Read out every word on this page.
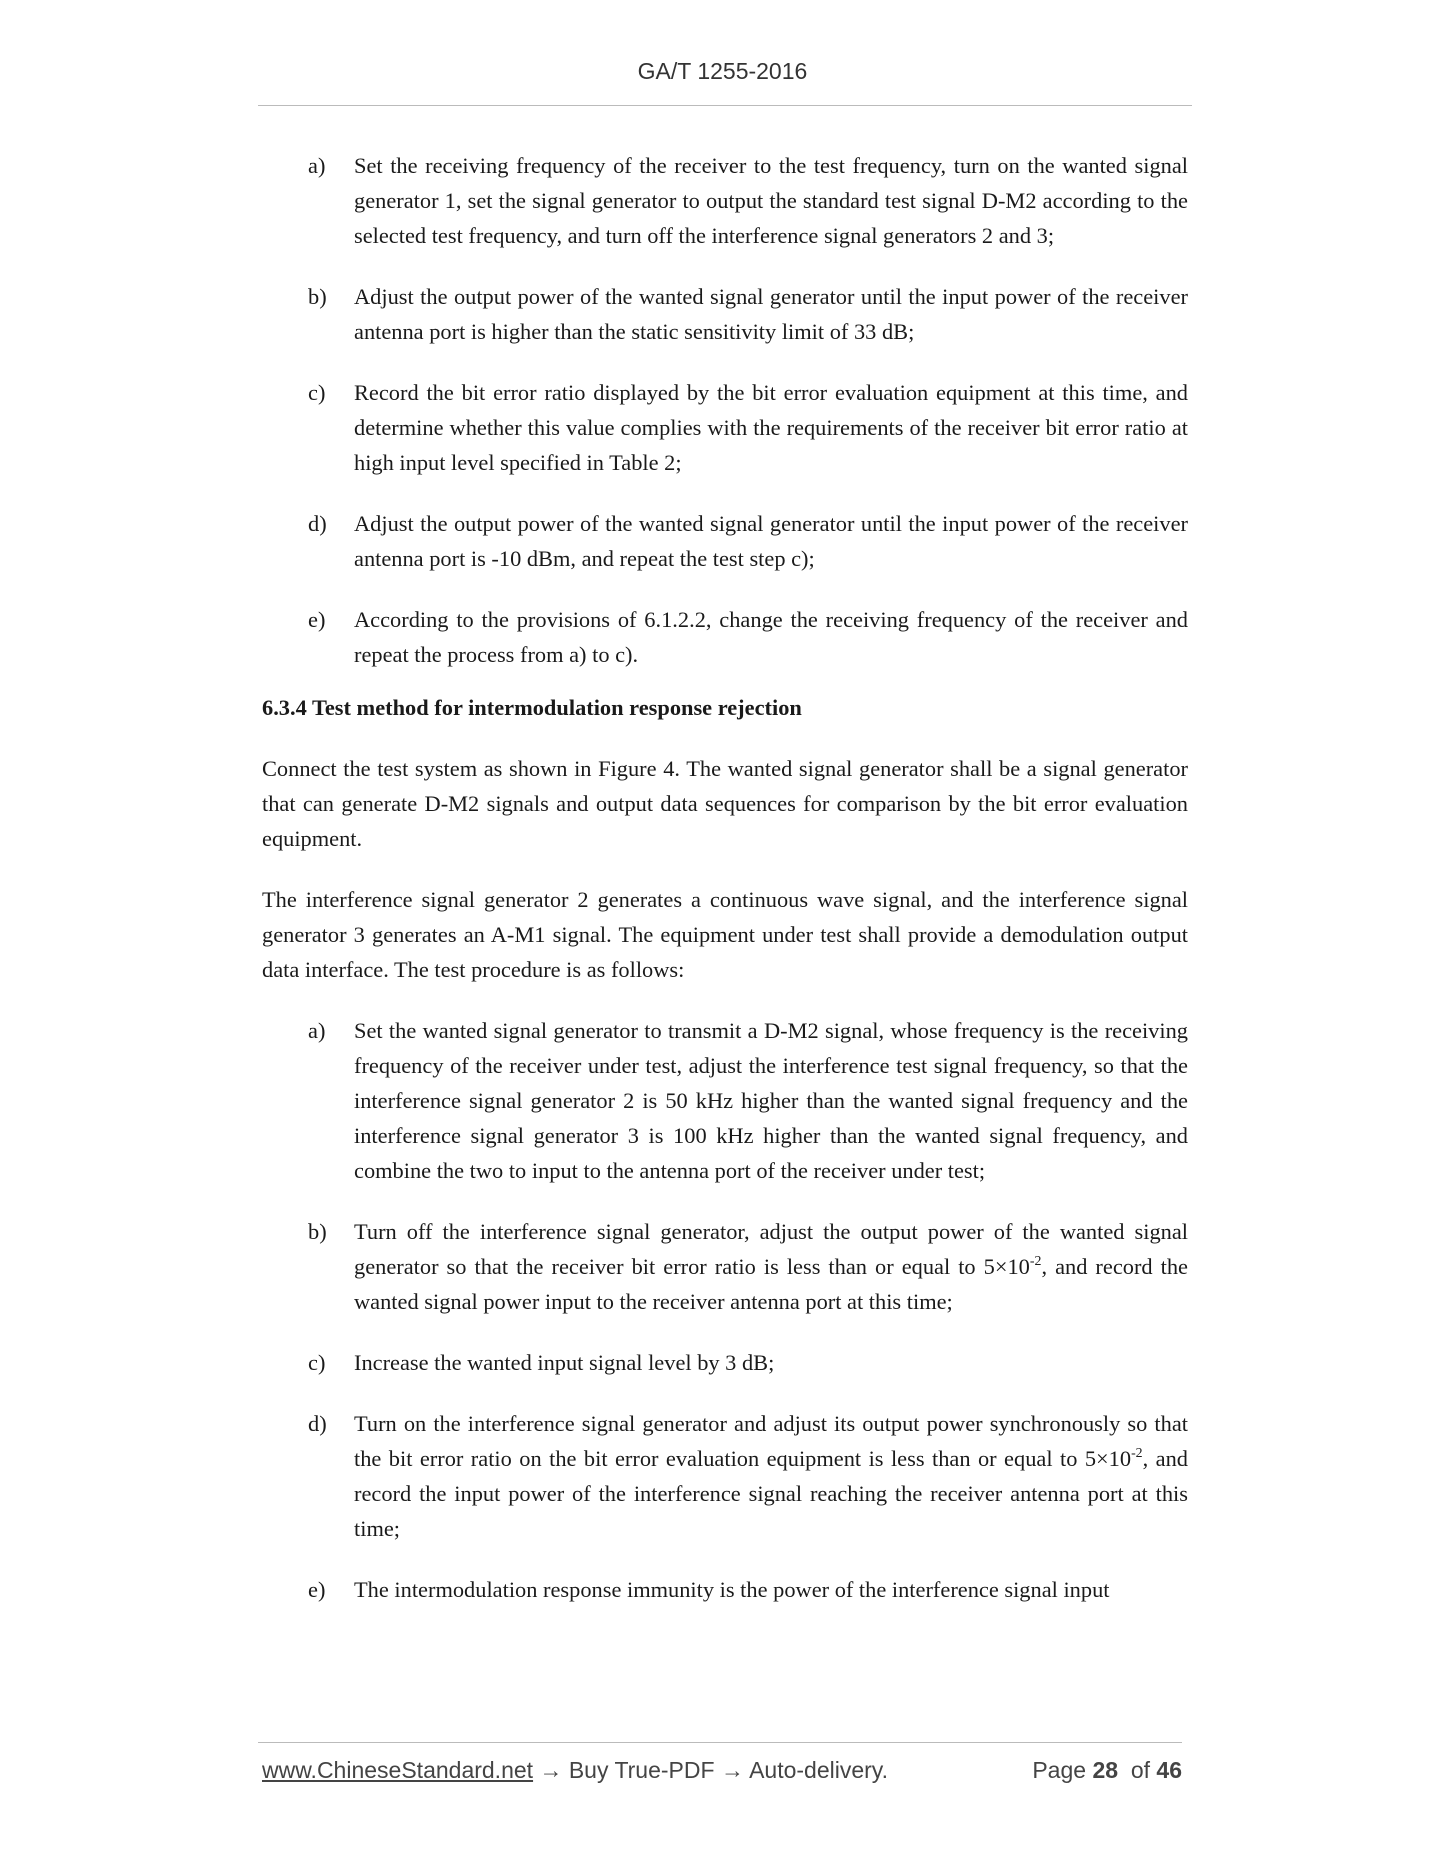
GA/T 1255-2016
a)	Set the receiving frequency of the receiver to the test frequency, turn on the wanted signal generator 1, set the signal generator to output the standard test signal D-M2 according to the selected test frequency, and turn off the interference signal generators 2 and 3;
b)	Adjust the output power of the wanted signal generator until the input power of the receiver antenna port is higher than the static sensitivity limit of 33 dB;
c)	Record the bit error ratio displayed by the bit error evaluation equipment at this time, and determine whether this value complies with the requirements of the receiver bit error ratio at high input level specified in Table 2;
d)	Adjust the output power of the wanted signal generator until the input power of the receiver antenna port is -10 dBm, and repeat the test step c);
e)	According to the provisions of 6.1.2.2, change the receiving frequency of the receiver and repeat the process from a) to c).
6.3.4 Test method for intermodulation response rejection

Connect the test system as shown in Figure 4. The wanted signal generator shall be a signal generator that can generate D-M2 signals and output data sequences for comparison by the bit error evaluation equipment.

The interference signal generator 2 generates a continuous wave signal, and the interference signal generator 3 generates an A-M1 signal. The equipment under test shall provide a demodulation output data interface. The test procedure is as follows:

a)	Set the wanted signal generator to transmit a D-M2 signal, whose frequency is the receiving frequency of the receiver under test, adjust the interference test signal frequency, so that the interference signal generator 2 is 50 kHz higher than the wanted signal frequency and the interference signal generator 3 is 100 kHz higher than the wanted signal frequency, and combine the two to input to the antenna port of the receiver under test;
b)	Turn off the interference signal generator, adjust the output power of the wanted signal generator so that the receiver bit error ratio is less than or equal to $5\times 10^{-2}$, and record the wanted signal power input to the receiver antenna port at this time;
c)	Increase the wanted input signal level by 3 dB;
d)	Turn on the interference signal generator and adjust its output power synchronously so that the bit error ratio on the bit error evaluation equipment is less than or equal to $5\times 10^{-2}$, and record the input power of the interference signal reaching the receiver antenna port at this time;
e)	The intermodulation response immunity is the power of the interference signal input
www.ChineseStandard.net → Buy True-PDF → Auto-delivery.	Page 28 of 46
